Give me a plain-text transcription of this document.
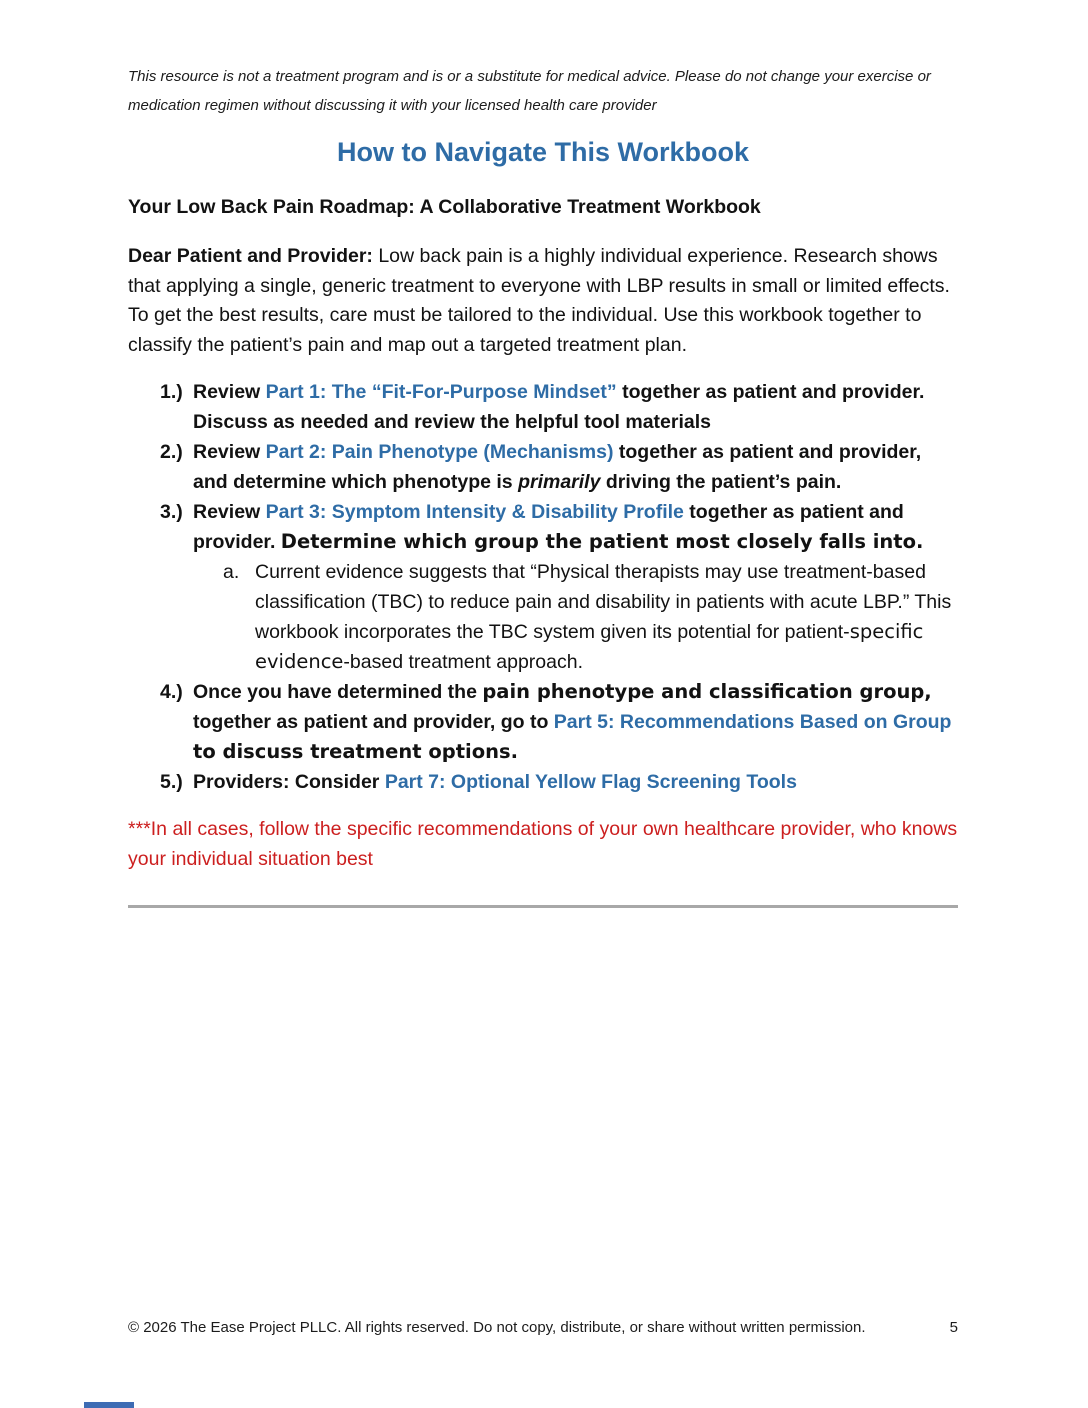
This resource is not a treatment program and is or a substitute for medical advice. Please do not change your exercise or medication regimen without discussing it with your licensed health care provider

How to Navigate This Workbook
Your Low Back Pain Roadmap: A Collaborative Treatment Workbook

Dear Patient and Provider: Low back pain is a highly individual experience. Research shows that applying a single, generic treatment to everyone with LBP results in small or limited effects. To get the best results, care must be tailored to the individual. Use this workbook together to classify the patient’s pain and map out a targeted treatment plan.

1.) Review Part 1: The “Fit-For-Purpose Mindset” together as patient and provider. Discuss as needed and review the helpful tool materials
2.) Review Part 2: Pain Phenotype (Mechanisms) together as patient and provider, and determine which phenotype is primarily driving the patient’s pain.
3.) Review Part 3: Symptom Intensity & Disability Profile together as patient and provider. Determine which group the patient most closely falls into.
a. Current evidence suggests that “Physical therapists may use treatment-based classification (TBC) to reduce pain and disability in patients with acute LBP.” This workbook incorporates the TBC system given its potential for patient-specific evidence-based treatment approach.
4.) Once you have determined the pain phenotype and classification group, together as patient and provider, go to Part 5: Recommendations Based on Group to discuss treatment options.
5.) Providers: Consider Part 7: Optional Yellow Flag Screening Tools

***In all cases, follow the specific recommendations of your own healthcare provider, who knows your individual situation best

© 2026 The Ease Project PLLC. All rights reserved. Do not copy, distribute, or share without written permission.	5
